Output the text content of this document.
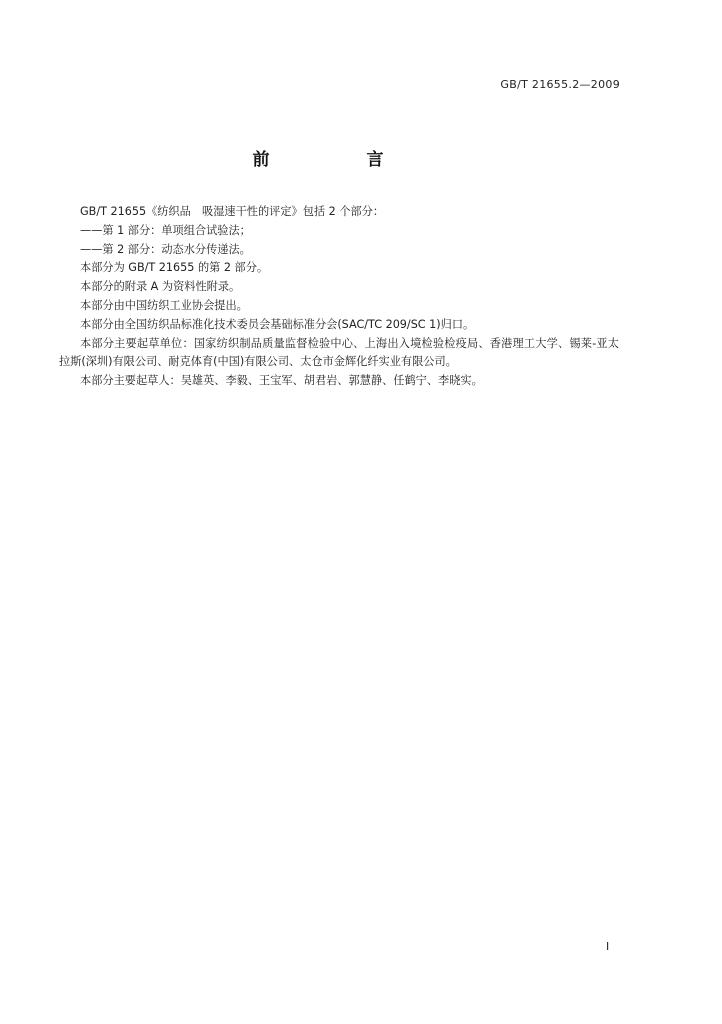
GB/T 21655.2—2009
前　言

GB/T 21655《纺织品　吸湿速干性的评定》包括 2 个部分：

——第 1 部分：单项组合试验法；

——第 2 部分：动态水分传递法。

本部分为 GB/T 21655 的第 2 部分。

本部分的附录 A 为资料性附录。

本部分由中国纺织工业协会提出。

本部分由全国纺织品标准化技术委员会基础标准分会(SAC/TC 209/SC 1)归口。

本部分主要起草单位：国家纺织制品质量监督检验中心、上海出入境检验检疫局、香港理工大学、锡莱-亚太拉斯(深圳)有限公司、耐克体育(中国)有限公司、太仓市金辉化纤实业有限公司。

本部分主要起草人：吴雄英、李毅、王宝军、胡君岩、郭慧静、任鹤宁、李晓实。

I
